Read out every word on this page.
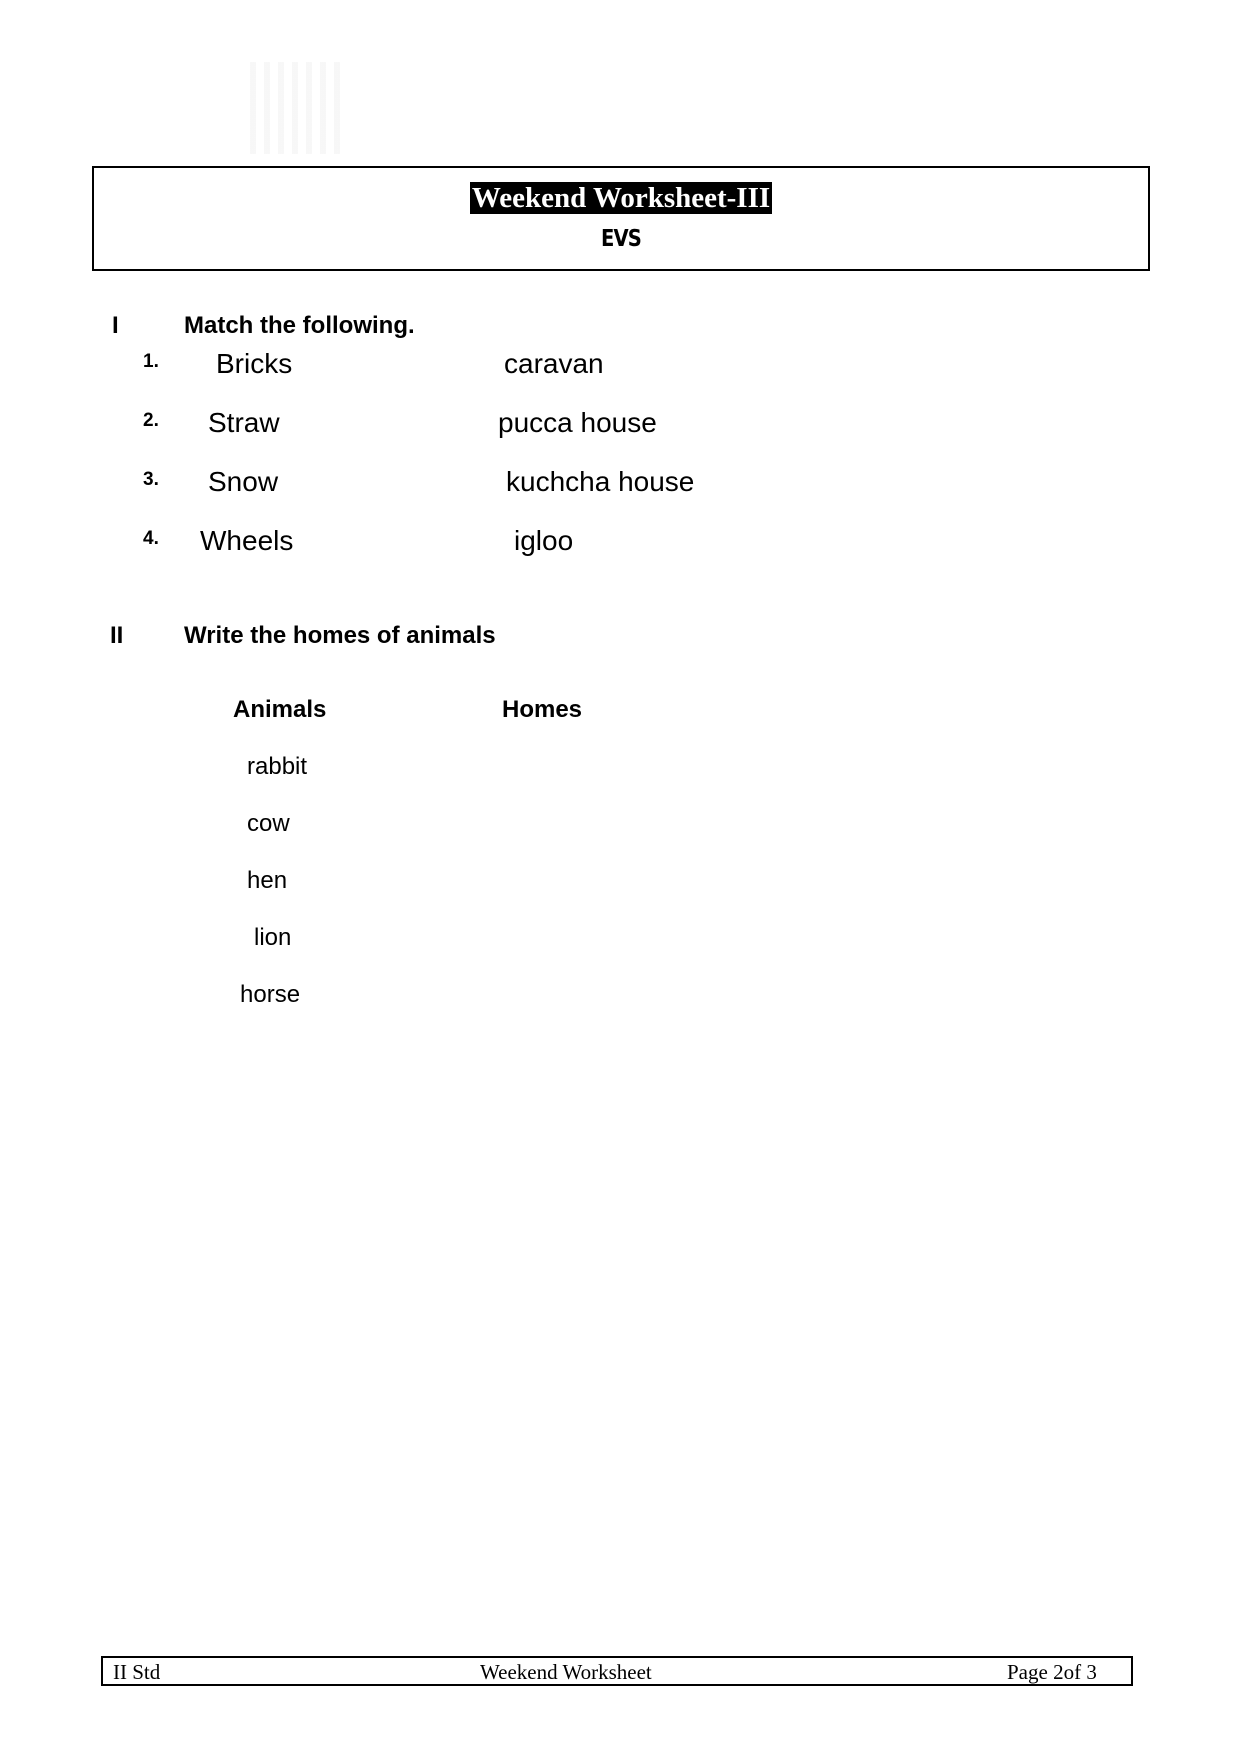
Weekend Worksheet-III
EVS
I	Match the following.
1. Bricks	caravan
2. Straw	pucca house
3. Snow	kuchcha house
4. Wheels	igloo
II	Write the homes of animals
Animals	Homes
rabbit
cow
hen
lion
horse
II Std	Weekend Worksheet	Page 2of 3
